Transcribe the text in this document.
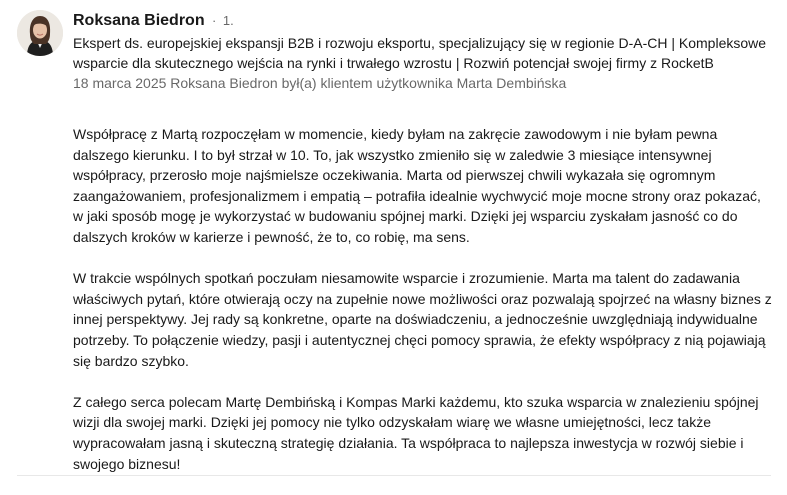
Roksana Biedron · 1.
Ekspert ds. europejskiej ekspansji B2B i rozwoju eksportu, specjalizujący się w regionie D-A-CH | Kompleksowe wsparcie dla skutecznego wejścia na rynki i trwałego wzrostu | Rozwiń potencjał swojej firmy z RocketB
18 marca 2025 Roksana Biedron był(a) klientem użytkownika Marta Dembińska

Współpracę z Martą rozpoczęłam w momencie, kiedy byłam na zakręcie zawodowym i nie byłam pewna dalszego kierunku. I to był strzał w 10. To, jak wszystko zmieniło się w zaledwie 3 miesiące intensywnej współpracy, przerosło moje najśmielsze oczekiwania. Marta od pierwszej chwili wykazała się ogromnym zaangażowaniem, profesjonalizmem i empatią – potrafiła idealnie wychwycić moje mocne strony oraz pokazać, w jaki sposób mogę je wykorzystać w budowaniu spójnej marki. Dzięki jej wsparciu zyskałam jasność co do dalszych kroków w karierze i pewność, że to, co robię, ma sens.

W trakcie wspólnych spotkań poczułam niesamowite wsparcie i zrozumienie. Marta ma talent do zadawania właściwych pytań, które otwierają oczy na zupełnie nowe możliwości oraz pozwalają spojrzeć na własny biznes z innej perspektywy. Jej rady są konkretne, oparte na doświadczeniu, a jednocześnie uwzględniają indywidualne potrzeby. To połączenie wiedzy, pasji i autentycznej chęci pomocy sprawia, że efekty współpracy z nią pojawiają się bardzo szybko.

Z całego serca polecam Martę Dembińską i Kompas Marki każdemu, kto szuka wsparcia w znalezieniu spójnej wizji dla swojej marki. Dzięki jej pomocy nie tylko odzyskałam wiarę we własne umiejętności, lecz także wypracowałam jasną i skuteczną strategię działania. Ta współpraca to najlepsza inwestycja w rozwój siebie i swojego biznesu!
